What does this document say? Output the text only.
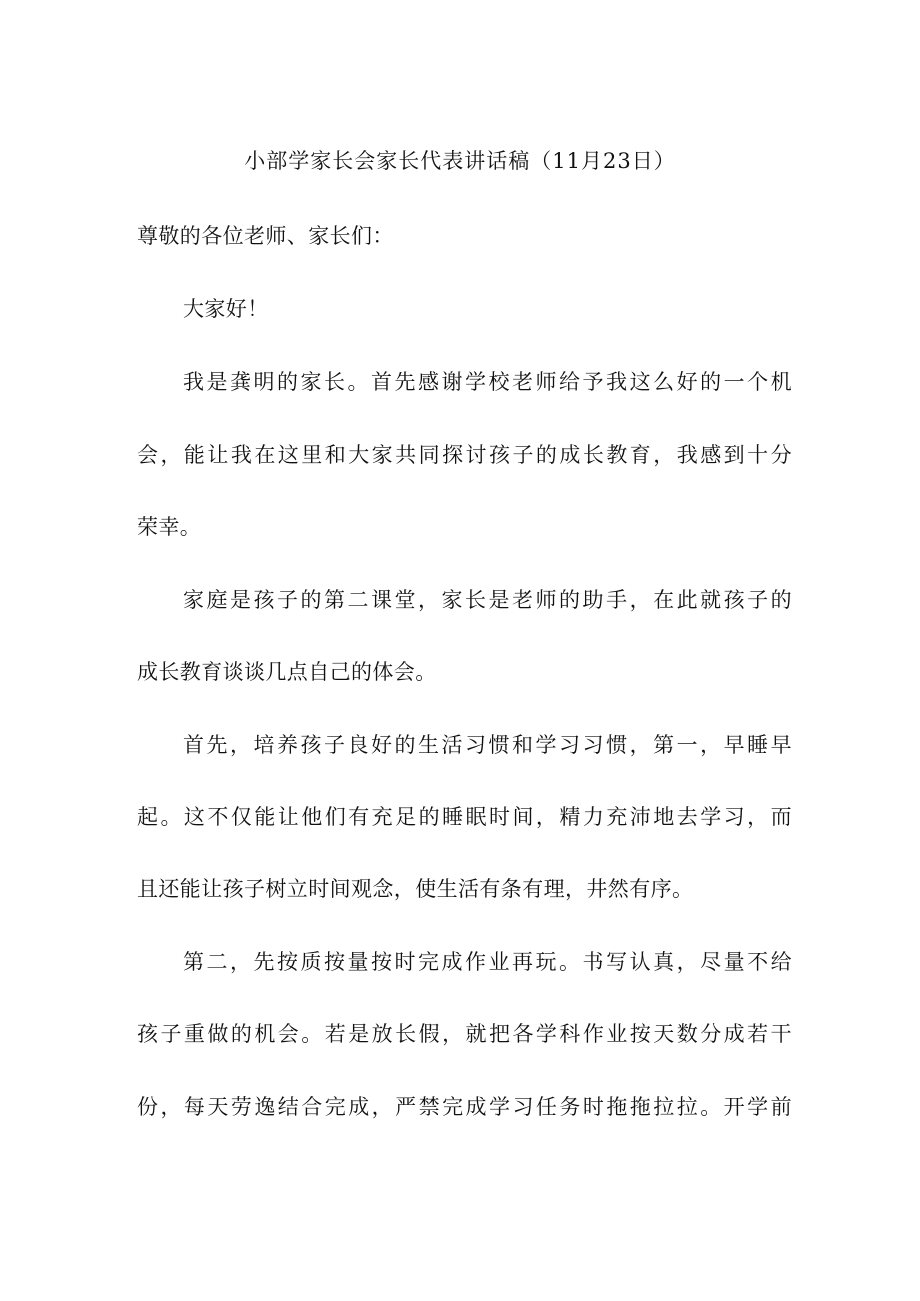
小部学家长会家长代表讲话稿（11月23日）
尊敬的各位老师、家长们：
大家好！
我是龚明的家长。首先感谢学校老师给予我这么好的一个机
会，能让我在这里和大家共同探讨孩子的成长教育，我感到十分
荣幸。
家庭是孩子的第二课堂，家长是老师的助手，在此就孩子的
成长教育谈谈几点自己的体会。
首先，培养孩子良好的生活习惯和学习习惯，第一，早睡早
起。这不仅能让他们有充足的睡眠时间，精力充沛地去学习，而
且还能让孩子树立时间观念，使生活有条有理，井然有序。
第二，先按质按量按时完成作业再玩。书写认真，尽量不给
孩子重做的机会。若是放长假，就把各学科作业按天数分成若干
份，每天劳逸结合完成，严禁完成学习任务时拖拖拉拉。开学前
